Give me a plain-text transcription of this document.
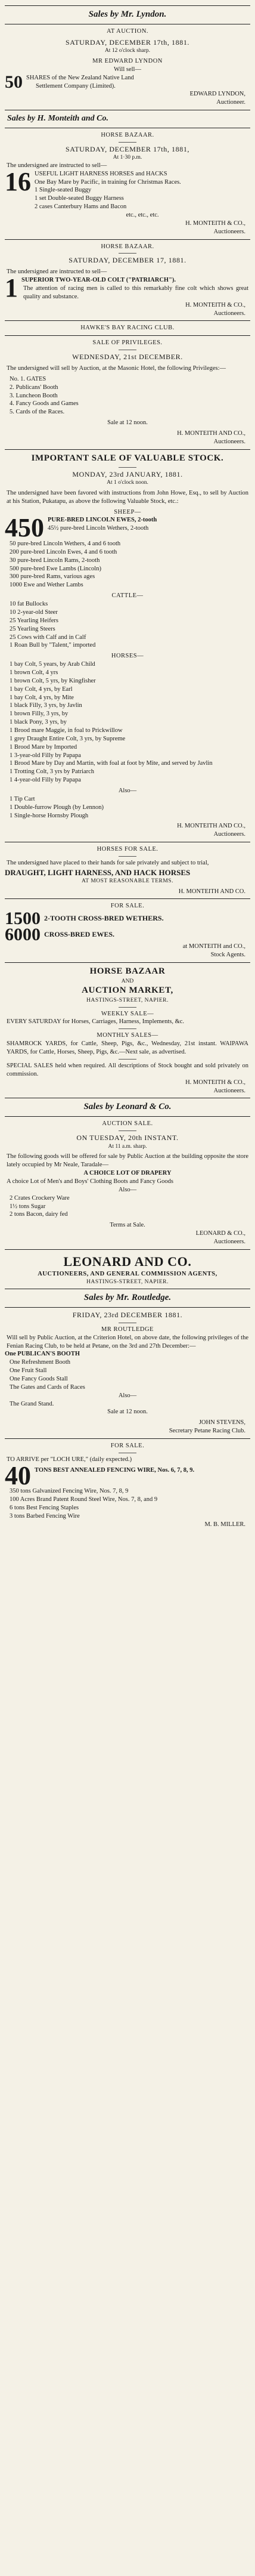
Sales by Mr. Lyndon.
AT AUCTION.
SATURDAY, DECEMBER 17th, 1881.
At 12 o'clock sharp.
MR EDWARD LYNDON
Will sell—
50 SHARES of the New Zealand Native Land
Settlement Company (Limited).
EDWARD LYNDON,
Auctioneer.
Sales by H. Monteith and Co.
HORSE BAZAAR.
SATURDAY, DECEMBER 17th, 1881,
At 1·30 p.m.
The undersigned are instructed to sell—
16 USEFUL LIGHT HARNESS HORSES and HACKS
One Bay Mare by Pacific, in training for Christmas Races.
1 Single-seated Buggy
1 set Double-seated Buggy Harness
2 cases Canterbury Hams and Bacon
etc., etc., etc.
H. MONTEITH & CO.,
Auctioneers.
HORSE BAZAAR.
SATURDAY, DECEMBER 17, 1881.
The undersigned are instructed to sell—
1 SUPERIOR TWO-YEAR-OLD COLT ("PATRIARCH").
The attention of racing men is called to this remarkably fine colt which shows great quality and substance.
H. MONTEITH & CO.,
Auctioneers.
HAWKE'S BAY RACING CLUB.
SALE OF PRIVILEGES.
WEDNESDAY, 21st DECEMBER.
The undersigned will sell by Auction, at the Masonic Hotel, the following Privileges:—
No. 1. GATES
2. Publicans' Booth
3. Luncheon Booth
4. Fancy Goods and Games
5. Cards of the Races.
Sale at 12 noon.
H. MONTEITH AND CO.,
Auctioneers.
IMPORTANT SALE OF VALUABLE STOCK.
MONDAY, 23rd JANUARY, 1881.
At 1 o'clock noon.
The undersigned have been favored with instructions from John Howe, Esq., to sell by Auction at his Station, Pukatapu, as above the following Valuable Stock, etc.:
SHEEP—
450 PURE-BRED LINCOLN EWES, 2-tooth
45½ pure-bred Lincoln Wethers, 2-tooth
50 pure-bred Lincoln Wethers, 4 and 6 tooth
200 pure-bred Lincoln Ewes, 4 and 6 tooth
30 pure-bred Lincoln Rams, 2-tooth
500 pure-bred Ewe Lambs (Lincoln)
300 pure-bred Rams, various ages
1000 Ewe and Wether Lambs
CATTLE—
10 fat Bullocks
10 2-year-old Steer
25 Yearling Heifers
25 Yearling Steers
25 Cows with Calf and in Calf
1 Roan Bull by "Talent," imported
HORSES—
1 bay Colt, 5 years, by Arab Child
1 brown Colt, 4 yrs
1 brown Colt, 5 yrs, by Kingfisher
1 bay Colt, 4 yrs, by Earl
1 bay Colt, 4 yrs, by Mite
1 black Filly, 3 yrs, by Javlin
1 brown Filly, 3 yrs, by
1 black Pony, 3 yrs, by
1 Brood mare Maggie, in foal to Prickwillow
1 grey Draught Entire Colt, 3 yrs, by Supreme
1 Brood Mare by Imported
1 3-year-old Filly by Papapa
1 Brood Mare by Day and Martin, with foal at foot by Mite, and served by Javlin
1 Trotting Colt, 3 yrs by Patriarch
1 4-year-old Filly by Papapa
Also—
1 Tip Cart
1 Double-furrow Plough (by Lennon)
1 Single-horse Hornsby Plough
H. MONTEITH AND CO.,
Auctioneers.
HORSES FOR SALE.
The undersigned have placed to their hands for sale privately and subject to trial,
DRAUGHT, LIGHT HARNESS, AND HACK HORSES
AT MOST REASONABLE TERMS.
H. MONTEITH AND CO.
FOR SALE.
1500 2-TOOTH CROSS-BRED WETHERS.
6000 CROSS-BRED EWES.
at MONTEITH and CO.,
Stock Agents.
HORSE BAZAAR
AND
AUCTION MARKET,
HASTINGS-STREET, NAPIER.
WEEKLY SALE—
EVERY SATURDAY for Horses, Carriages, Harness, Implements, &c.
MONTHLY SALES—
SHAMROCK YARDS, for Cattle, Sheep, Pigs, &c., Wednesday, 21st instant. WAIPAWA YARDS, for Cattle, Horses, Sheep, Pigs, &c.—Next sale, as advertised.
SPECIAL SALES held when required. All descriptions of Stock bought and sold privately on commission.
H. MONTEITH & CO.,
Auctioneers.
Sales by Leonard & Co.
AUCTION SALE.
ON TUESDAY, 20th INSTANT.
At 11 a.m. sharp.
The following goods will be offered for sale by Public Auction at the building opposite the store lately occupied by Mr Neale, Taradale—
A CHOICE LOT OF DRAPERY
A choice Lot of Men's and Boys' Clothing Boots and Fancy Goods
Also—
2 Crates Crockery Ware
1½ tons Sugar
2 tons Bacon, dairy fed
Terms at Sale.
LEONARD & CO.,
Auctioneers.
LEONARD AND CO.
AUCTIONEERS, AND GENERAL COMMISSION AGENTS,
HASTINGS-STREET, NAPIER.
Sales by Mr. Routledge.
FRIDAY, 23rd DECEMBER 1881.
MR ROUTLEDGE
Will sell by Public Auction, at the Criterion Hotel, on above date, the following privileges of the Fenian Racing Club, to be held at Petane, on the 3rd and 27th December:—
One PUBLICAN'S BOOTH
One Refreshment Booth
One Fruit Stall
One Fancy Goods Stall
The Gates and Cards of Races
Also—
The Grand Stand.
Sale at 12 noon.
JOHN STEVENS,
Secretary Petane Racing Club.
FOR SALE.
TO ARRIVE per "LOCH URE," (daily expected.)
40 TONS BEST ANNEALED FENCING WIRE, Nos. 6, 7, 8, 9.
350 tons Galvanized Fencing Wire, Nos. 7, 8, 9
100 Acres Brand Patent Round Steel Wire, Nos. 7, 8, and 9
6 tons Best Fencing Staples
3 tons Barbed Fencing Wire
M. B. MILLER.
